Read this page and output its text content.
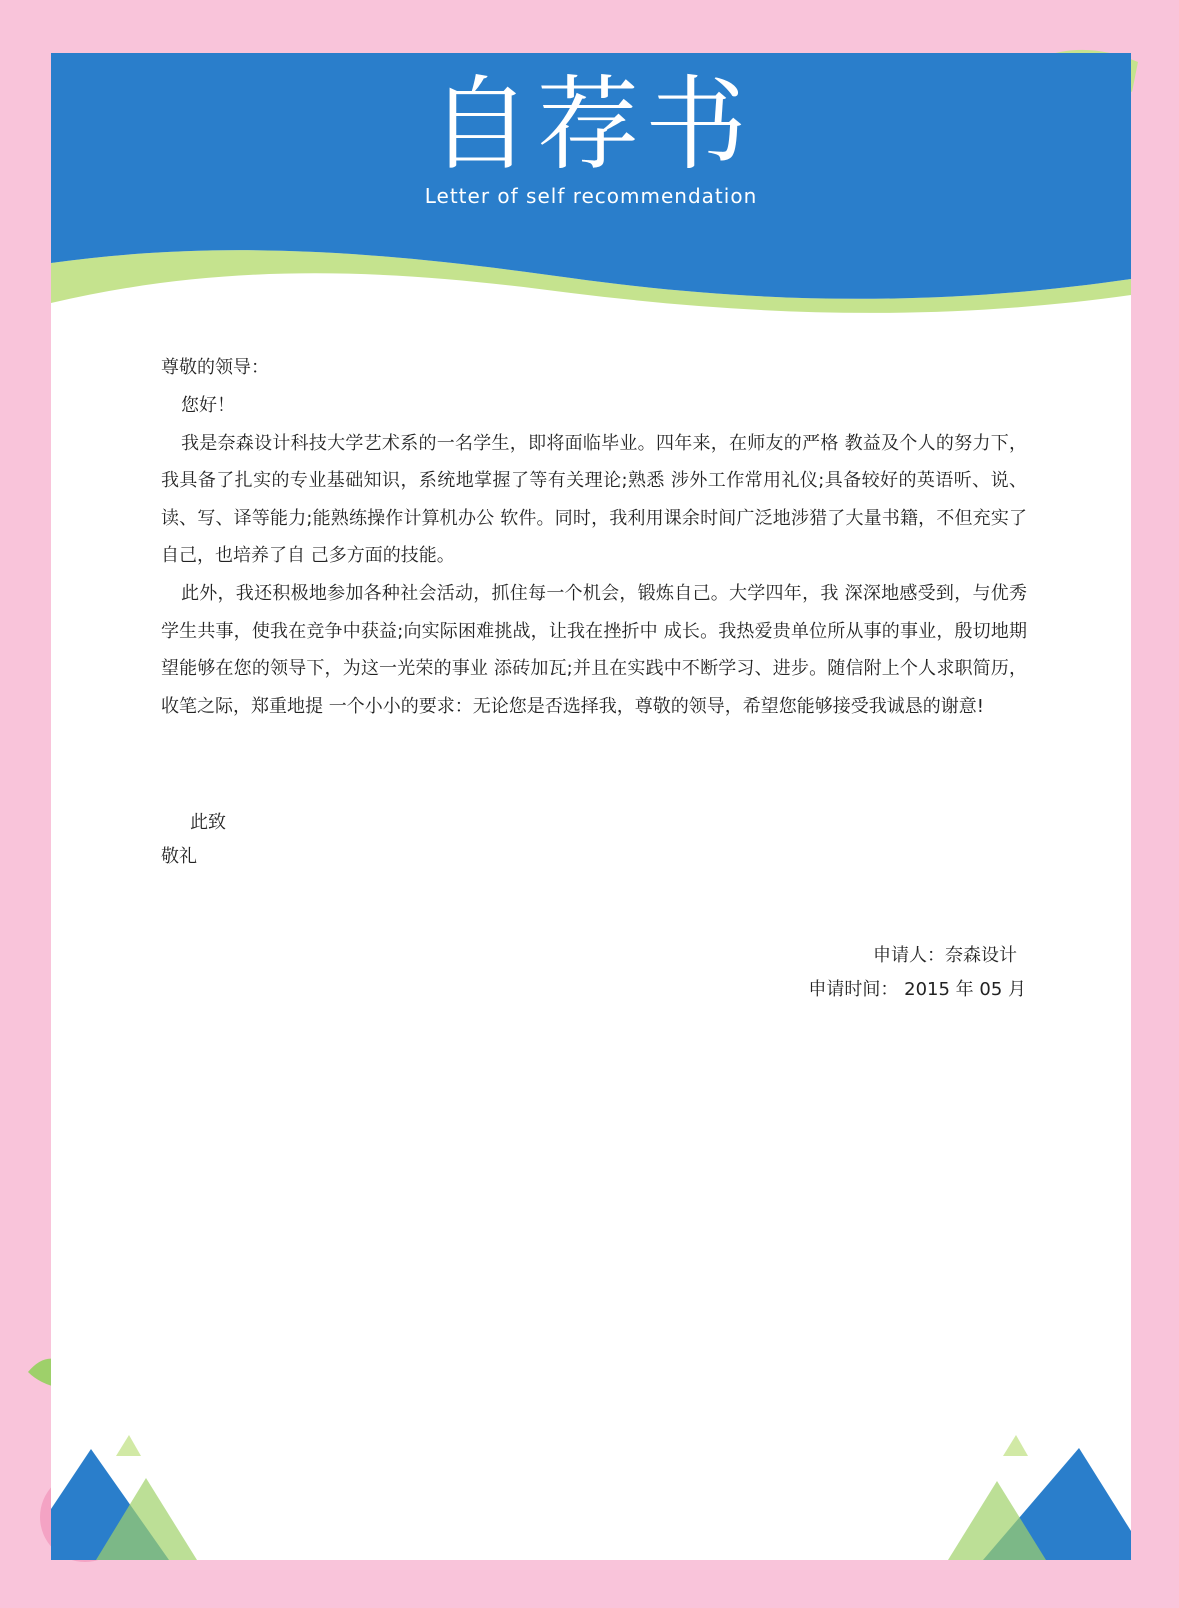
自荐书
Letter of self recommendation

尊敬的领导：

您好！

我是奈森设计科技大学艺术系的一名学生，即将面临毕业。四年来，在师友的严格 教益及个人的努力下，我具备了扎实的专业基础知识，系统地掌握了等有关理论;熟悉 涉外工作常用礼仪;具备较好的英语听、说、读、写、译等能力;能熟练操作计算机办公 软件。同时，我利用课余时间广泛地涉猎了大量书籍，不但充实了自己，也培养了自 己多方面的技能。

此外，我还积极地参加各种社会活动，抓住每一个机会，锻炼自己。大学四年，我 深深地感受到，与优秀学生共事，使我在竞争中获益;向实际困难挑战，让我在挫折中 成长。我热爱贵单位所从事的事业，殷切地期望能够在您的领导下，为这一光荣的事业 添砖加瓦;并且在实践中不断学习、进步。随信附上个人求职简历，收笔之际，郑重地提 一个小小的要求：无论您是否选择我，尊敬的领导，希望您能够接受我诚恳的谢意!

此致
敬礼
申请人：奈森设计
申请时间： 2015 年 05 月
